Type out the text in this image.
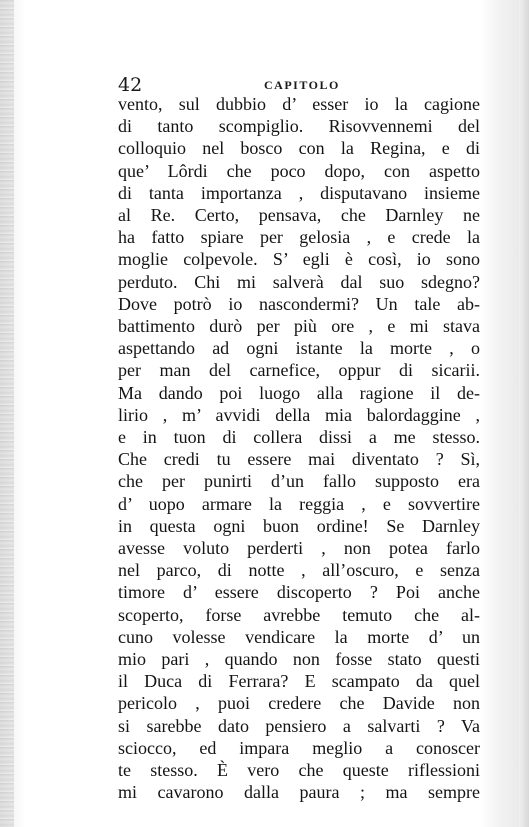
42	CAPITOLO
vento, sul dubbio d’ esser io la cagione
di tanto scompiglio. Risovvennemi del
colloquio nel bosco con la Regina, e di
que’ Lôrdi che poco dopo, con aspetto
di tanta importanza , disputavano insieme
al Re. Certo, pensava, che Darnley ne
ha fatto spiare per gelosia , e crede la
moglie colpevole. S’ egli è così, io sono
perduto. Chi mi salverà dal suo sdegno?
Dove potrò io nascondermi? Un tale ab-
battimento durò per più ore , e mi stava
aspettando ad ogni istante la morte , o
per man del carnefice, oppur di sicarii.
Ma dando poi luogo alla ragione il de-
lirio , m’ avvidi della mia balordaggine ,
e in tuon di collera dissi a me stesso.
Che credi tu essere mai diventato ? Sì,
che per punirti d’un fallo supposto era
d’ uopo armare la reggia , e sovvertire
in questa ogni buon ordine! Se Darnley
avesse voluto perderti , non potea farlo
nel parco, di notte , all’oscuro, e senza
timore d’ essere discoperto ? Poi anche
scoperto, forse avrebbe temuto che al-
cuno volesse vendicare la morte d’ un
mio pari , quando non fosse stato questi
il Duca di Ferrara? E scampato da quel
pericolo , puoi credere che Davide non
si sarebbe dato pensiero a salvarti ? Va
sciocco, ed impara meglio a conoscer
te stesso. È vero che queste riflessioni
mi cavarono dalla paura ; ma sempre
